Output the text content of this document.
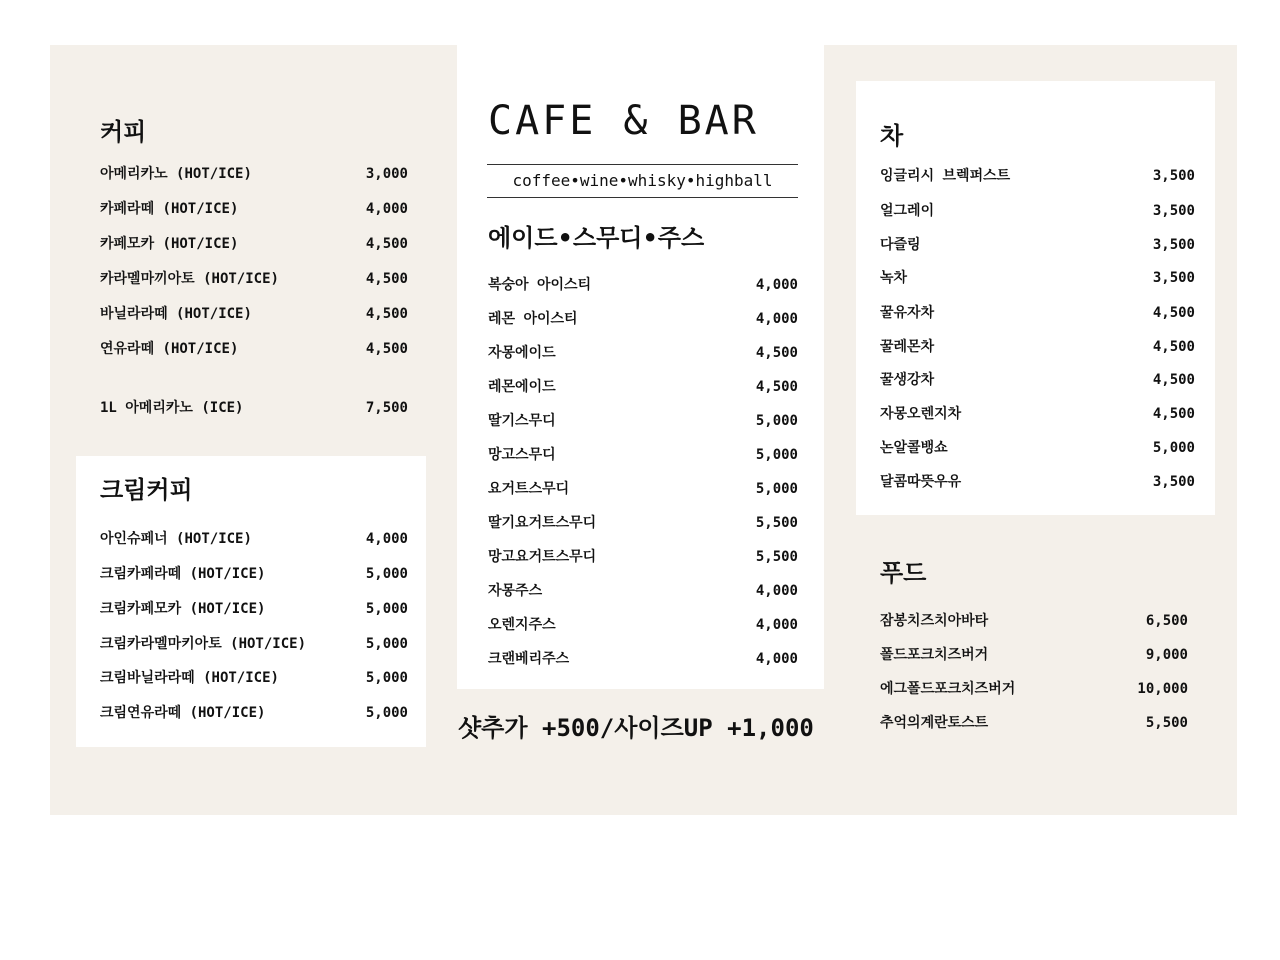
커피
아메리카노 (HOT/ICE)	3,000
카페라떼 (HOT/ICE)	4,000
카페모카 (HOT/ICE)	4,500
카라멜마끼아토 (HOT/ICE)	4,500
바닐라라떼 (HOT/ICE)	4,500
연유라떼 (HOT/ICE)	4,500
1L 아메리카노 (ICE)	7,500
크림커피
아인슈페너 (HOT/ICE)	4,000
크림카페라떼 (HOT/ICE)	5,000
크림카페모카 (HOT/ICE)	5,000
크림카라멜마키아토 (HOT/ICE)	5,000
크림바닐라라떼 (HOT/ICE)	5,000
크림연유라떼 (HOT/ICE)	5,000
CAFE & BAR
coffee•wine•whisky•highball
에이드•스무디•주스
복숭아 아이스티	4,000
레몬 아이스티	4,000
자몽에이드	4,500
레몬에이드	4,500
딸기스무디	5,000
망고스무디	5,000
요거트스무디	5,000
딸기요거트스무디	5,500
망고요거트스무디	5,500
자몽주스	4,000
오렌지주스	4,000
크랜베리주스	4,000
샷추가 +500/사이즈UP +1,000
차
잉글리시 브렉퍼스트	3,500
얼그레이	3,500
다즐링	3,500
녹차	3,500
꿀유자차	4,500
꿀레몬차	4,500
꿀생강차	4,500
자몽오렌지차	4,500
논알콜뱅쇼	5,000
달콤따뜻우유	3,500
푸드
잠봉치즈치아바타	6,500
폴드포크치즈버거	9,000
에그폴드포크치즈버거	10,000
추억의계란토스트	5,500
